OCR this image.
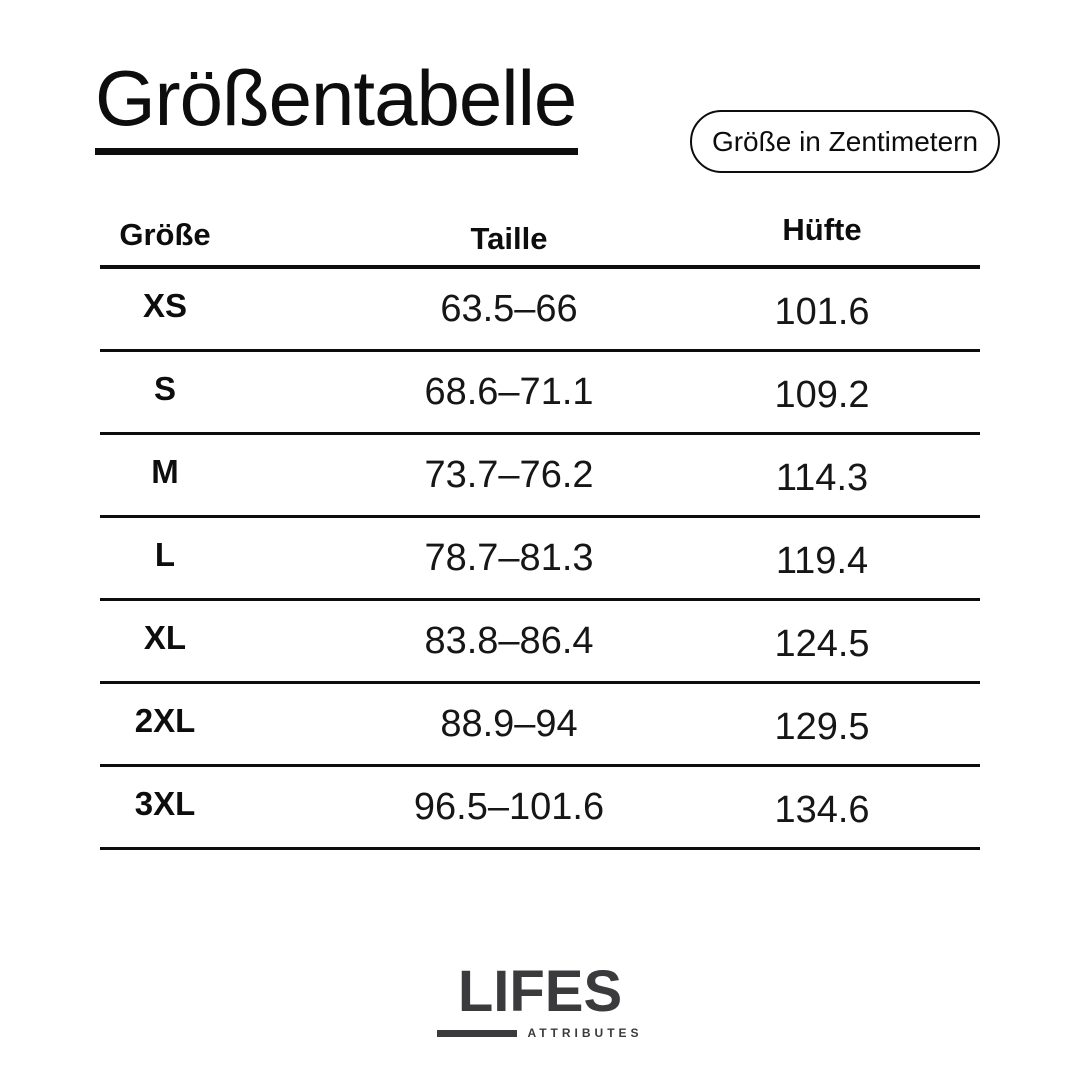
Größentabelle	Größe in Zentimetern
Größe	Taille	Hüfte
XS	63.5–66	101.6
S	68.6–71.1	109.2
M	73.7–76.2	114.3
L	78.7–81.3	119.4
XL	83.8–86.4	124.5
2XL	88.9–94	129.5
3XL	96.5–101.6	134.6
LIFES
ATTRIBUTES
